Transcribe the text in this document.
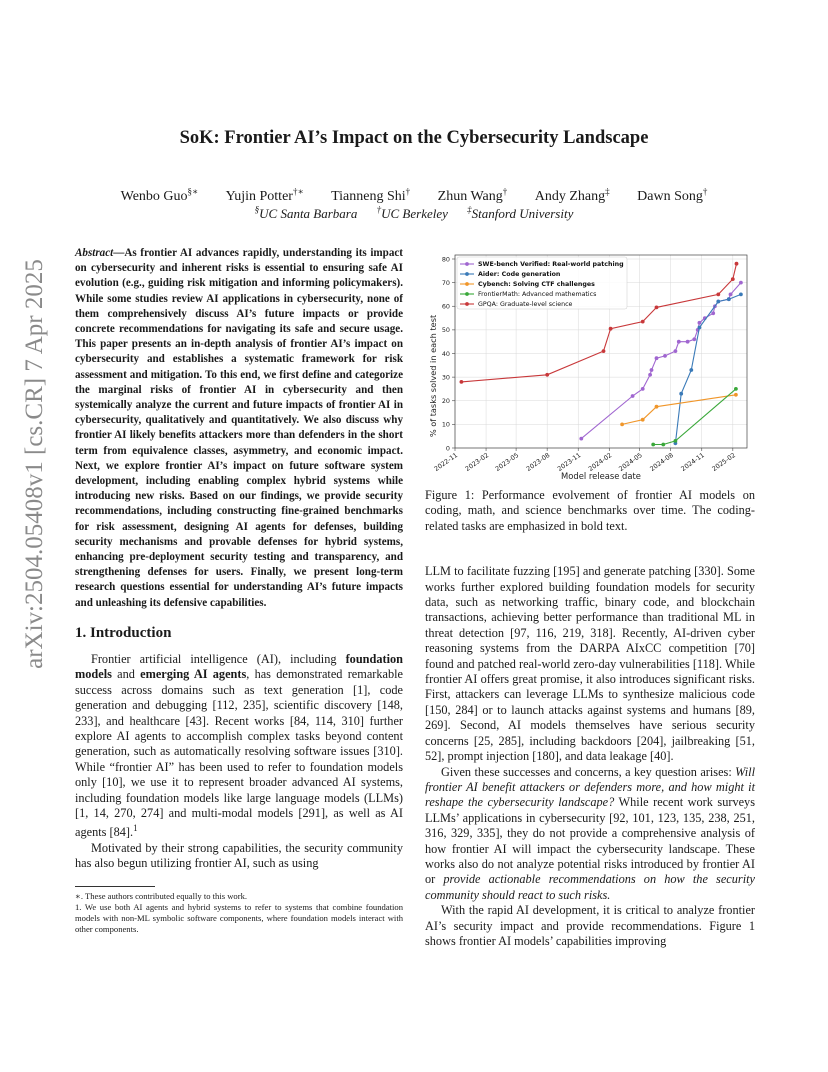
arXiv:2504.05408v1 [cs.CR] 7 Apr 2025
SoK: Frontier AI’s Impact on the Cybersecurity Landscape
Wenbo Guo§∗ Yujin Potter†∗ Tianneng Shi† Zhun Wang† Andy Zhang‡ Dawn Song†
§UC Santa Barbara †UC Berkeley ‡Stanford University
Abstract—As frontier AI advances rapidly, understanding its impact on cybersecurity and inherent risks is essential to ensuring safe AI evolution (e.g., guiding risk mitigation and informing policymakers). While some studies review AI applications in cybersecurity, none of them comprehensively discuss AI’s future impacts or provide concrete recommendations for navigating its safe and secure usage. This paper presents an in-depth analysis of frontier AI’s impact on cybersecurity and establishes a systematic framework for risk assessment and mitigation. To this end, we first define and categorize the marginal risks of frontier AI in cybersecurity and then systemically analyze the current and future impacts of frontier AI in cybersecurity, qualitatively and quantitatively. We also discuss why frontier AI likely benefits attackers more than defenders in the short term from equivalence classes, asymmetry, and economic impact. Next, we explore frontier AI’s impact on future software system development, including enabling complex hybrid systems while introducing new risks. Based on our findings, we provide security recommendations, including constructing fine-grained benchmarks for risk assessment, designing AI agents for defenses, building security mechanisms and provable defenses for hybrid systems, enhancing pre-deployment security testing and transparency, and strengthening defenses for users. Finally, we present long-term research questions essential for understanding AI’s future impacts and unleashing its defensive capabilities.
1. Introduction

Frontier artificial intelligence (AI), including foundation models and emerging AI agents, has demonstrated remarkable success across domains such as text generation [1], code generation and debugging [112, 235], scientific discovery [148, 233], and healthcare [43]. Recent works [84, 114, 310] further explore AI agents to accomplish complex tasks beyond content generation, such as automatically resolving software issues [310]. While “frontier AI” has been used to refer to foundation models only [10], we use it to represent broader advanced AI systems, including foundation models like large language models (LLMs) [1, 14, 270, 274] and multi-modal models [291], as well as AI agents [84].$^1$

Motivated by their strong capabilities, the security community has also begun utilizing frontier AI, such as using

∗. These authors contributed equally to this work.
1. We use both AI agents and hybrid systems to refer to systems that combine foundation models with non-ML symbolic software components, where foundation models interact with other components.
0
10
20
30
40
50
60
70
80
2022-11 2023-02 2023-05 2023-08 2023-11 2024-02 2024-05 2024-08 2024-11 2025-02
SWE-bench Verified: Real-world patching
Aider: Code generation
Cybench: Solving CTF challenges
FrontierMath: Advanced mathematics
GPQA: Graduate-level science
% of tasks solved in each test
Model release date
Figure 1: Performance evolvement of frontier AI models on coding, math, and science benchmarks over time. The coding-related tasks are emphasized in bold text.

LLM to facilitate fuzzing [195] and generate patching [330]. Some works further explored building foundation models for security data, such as networking traffic, binary code, and blockchain transactions, achieving better performance than traditional ML in threat detection [97, 116, 219, 318]. Recently, AI-driven cyber reasoning systems from the DARPA AIxCC competition [70] found and patched real-world zero-day vulnerabilities [118]. While frontier AI offers great promise, it also introduces significant risks. First, attackers can leverage LLMs to synthesize malicious code [150, 284] or to launch attacks against systems and humans [89, 269]. Second, AI models themselves have serious security concerns [25, 285], including backdoors [204], jailbreaking [51, 52], prompt injection [180], and data leakage [40].

Given these successes and concerns, a key question arises: Will frontier AI benefit attackers or defenders more, and how might it reshape the cybersecurity landscape? While recent work surveys LLMs’ applications in cybersecurity [92, 101, 123, 135, 238, 251, 316, 329, 335], they do not provide a comprehensive analysis of how frontier AI will impact the cybersecurity landscape. These works also do not analyze potential risks introduced by frontier AI or provide actionable recommendations on how the security community should react to such risks.

With the rapid AI development, it is critical to analyze frontier AI’s security impact and provide recommendations. Figure 1 shows frontier AI models’ capabilities improving
